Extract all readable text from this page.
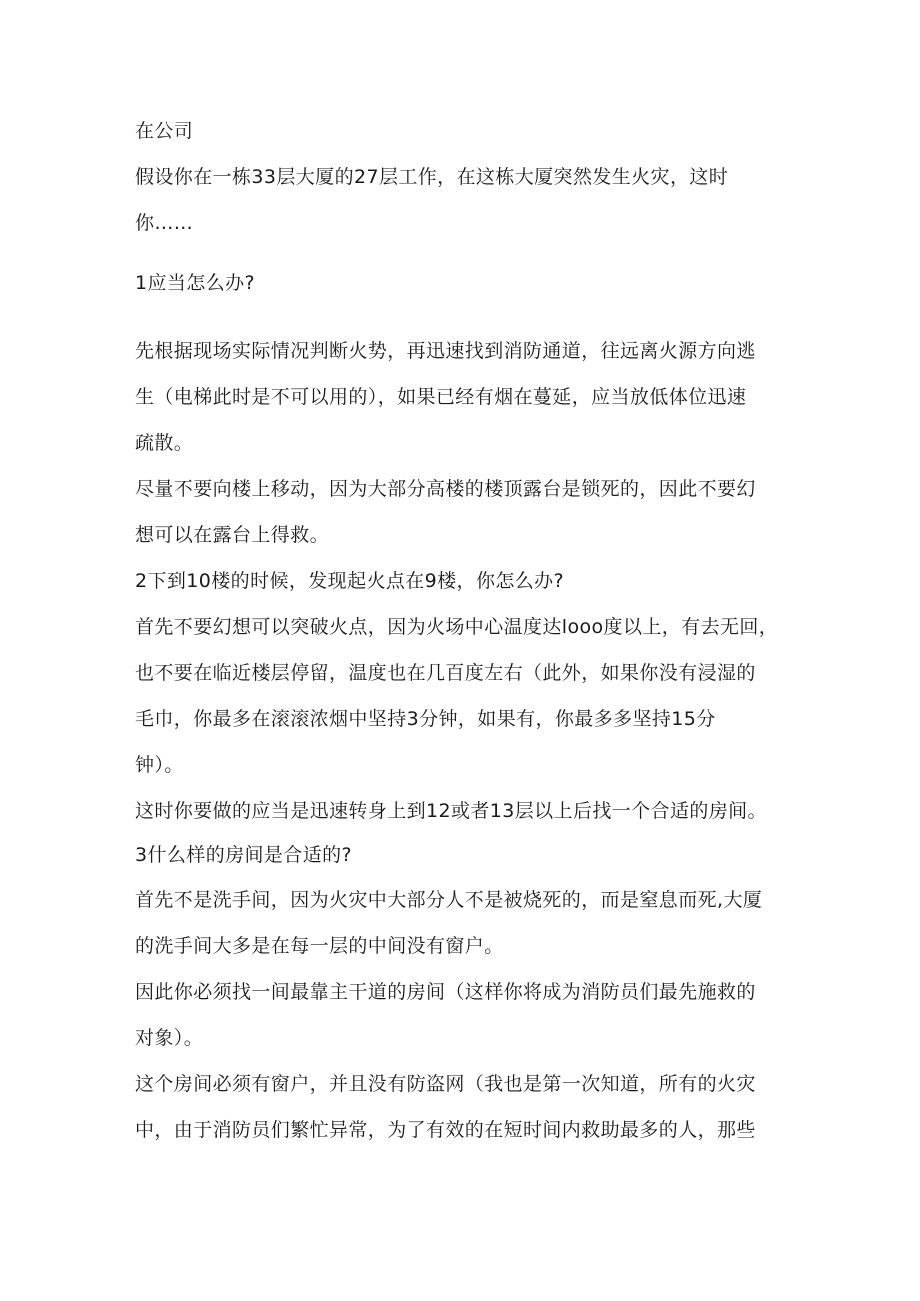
在公司
假设你在一栋33层大厦的27层工作，在这栋大厦突然发生火灾，这时
你……
1应当怎么办?
先根据现场实际情况判断火势，再迅速找到消防通道，往远离火源方向逃
生（电梯此时是不可以用的），如果已经有烟在蔓延，应当放低体位迅速
疏散。
尽量不要向楼上移动，因为大部分高楼的楼顶露台是锁死的，因此不要幻
想可以在露台上得救。
2下到10楼的时候，发现起火点在9楼，你怎么办?
首先不要幻想可以突破火点，因为火场中心温度达looo度以上，有去无回，
也不要在临近楼层停留，温度也在几百度左右（此外，如果你没有浸湿的
毛巾，你最多在滚滚浓烟中坚持3分钟，如果有，你最多多坚持15分
钟）。
这时你要做的应当是迅速转身上到12或者13层以上后找一个合适的房间。
3什么样的房间是合适的?
首先不是洗手间，因为火灾中大部分人不是被烧死的，而是窒息而死,大厦
的洗手间大多是在每一层的中间没有窗户。
因此你必须找一间最靠主干道的房间（这样你将成为消防员们最先施救的
对象）。
这个房间必须有窗户，并且没有防盗网（我也是第一次知道，所有的火灾
中，由于消防员们繁忙异常，为了有效的在短时间内救助最多的人，那些
